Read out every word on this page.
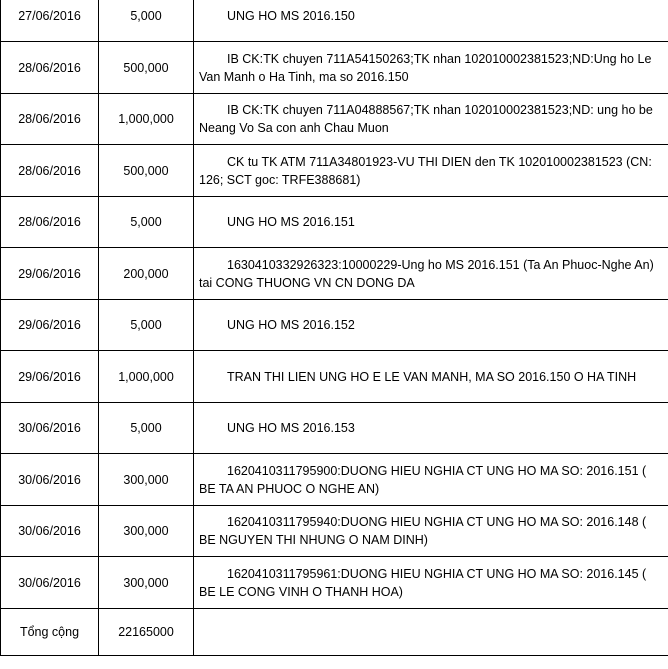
27/06/2016	5,000	UNG HO MS 2016.150

28/06/2016	500,000	IB CK:TK chuyen 711A54150263;TK nhan 102010002381523;ND:Ung ho Le Van Manh o Ha Tinh, ma so 2016.150

28/06/2016	1,000,000	IB CK:TK chuyen 711A04888567;TK nhan 102010002381523;ND: ung ho be Neang Vo Sa con anh Chau Muon

28/06/2016	500,000	CK tu TK ATM 711A34801923-VU THI DIEN den TK 102010002381523 (CN: 126; SCT goc: TRFE388681)

28/06/2016	5,000	UNG HO MS 2016.151

29/06/2016	200,000	1630410332926323:10000229-Ung ho MS 2016.151 (Ta An Phuoc-Nghe An) tai CONG THUONG VN CN DONG DA

29/06/2016	5,000	UNG HO MS 2016.152

29/06/2016	1,000,000	TRAN THI LIEN UNG HO E LE VAN MANH, MA SO 2016.150 O HA TINH

30/06/2016	5,000	UNG HO MS 2016.153

30/06/2016	300,000	1620410311795900:DUONG HIEU NGHIA CT UNG HO MA SO: 2016.151 ( BE TA AN PHUOC O NGHE AN)

30/06/2016	300,000	1620410311795940:DUONG HIEU NGHIA CT UNG HO MA SO: 2016.148 ( BE NGUYEN THI NHUNG O NAM DINH)

30/06/2016	300,000	1620410311795961:DUONG HIEU NGHIA CT UNG HO MA SO: 2016.145 ( BE LE CONG VINH O THANH HOA)

Tổng cộng	22165000	
